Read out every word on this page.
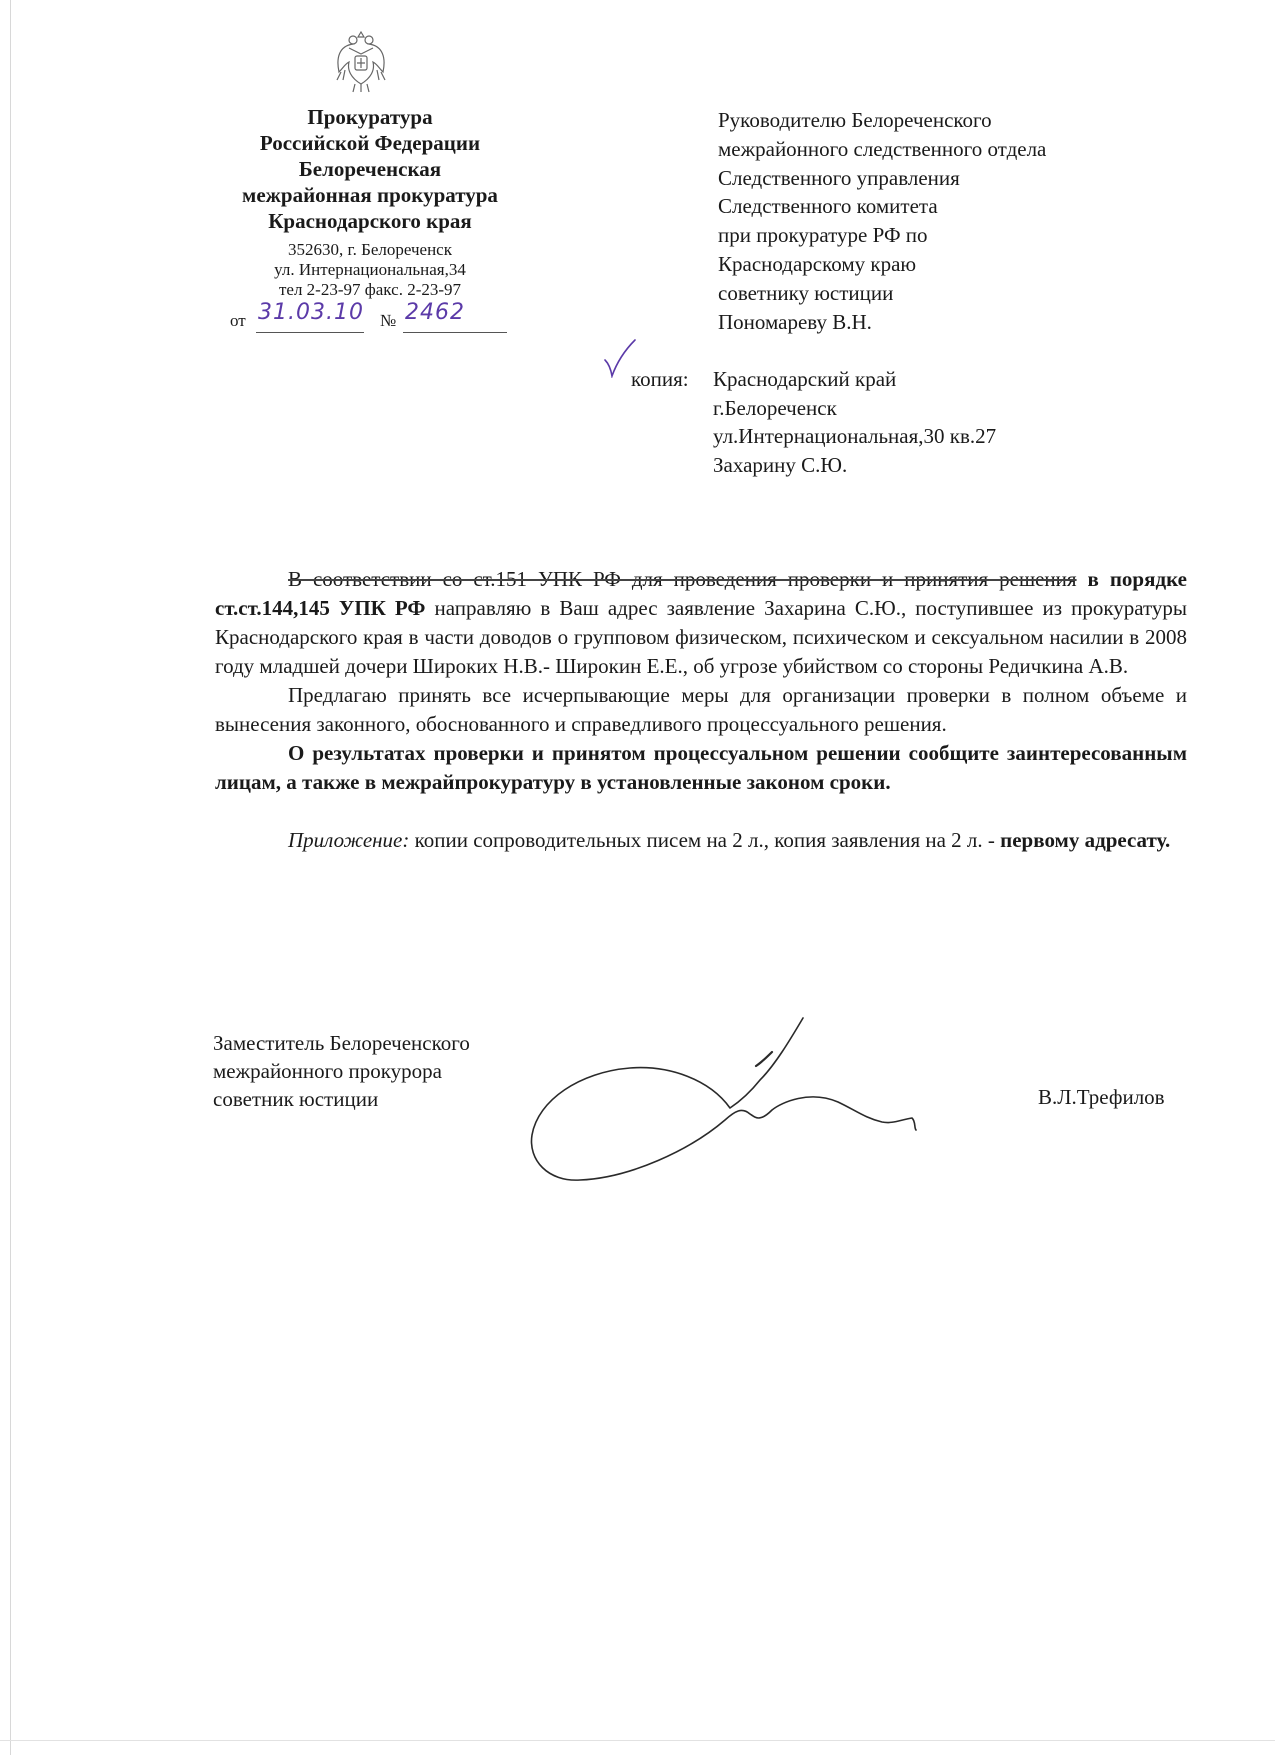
Прокуратура
Российской Федерации
Белореченская
межрайонная прокуратура
Краснодарского края
352630, г. Белореченск
ул. Интернациональная,34
тел 2-23-97 факс. 2-23-97
от 31.03.10 № 2462
Руководителю Белореченского
межрайонного следственного отдела
Следственного управления
Следственного комитета
при прокуратуре РФ по
Краснодарскому краю
советнику юстиции
Пономареву В.Н.
копия: Краснодарский край
г.Белореченск
ул.Интернациональная,30 кв.27
Захарину С.Ю.

В соответствии со ст.151 УПК РФ для проведения проверки и принятия решения в порядке ст.ст.144,145 УПК РФ направляю в Ваш адрес заявление Захарина С.Ю., поступившее из прокуратуры Краснодарского края в части доводов о групповом физическом, психическом и сексуальном насилии в 2008 году младшей дочери Широких Н.В.- Широкин Е.Е., об угрозе убийством со стороны Редичкина А.В.

Предлагаю принять все исчерпывающие меры для организации проверки в полном объеме и вынесения законного, обоснованного и справедливого процессуального решения.

О результатах проверки и принятом процессуальном решении сообщите заинтересованным лицам, а также в межрайпрокуратуру в установленные законом сроки.

Приложение: копии сопроводительных писем на 2 л., копия заявления на 2 л. - первому адресату.

Заместитель Белореченского
межрайонного прокурора
советник юстиции	В.Л.Трефилов
